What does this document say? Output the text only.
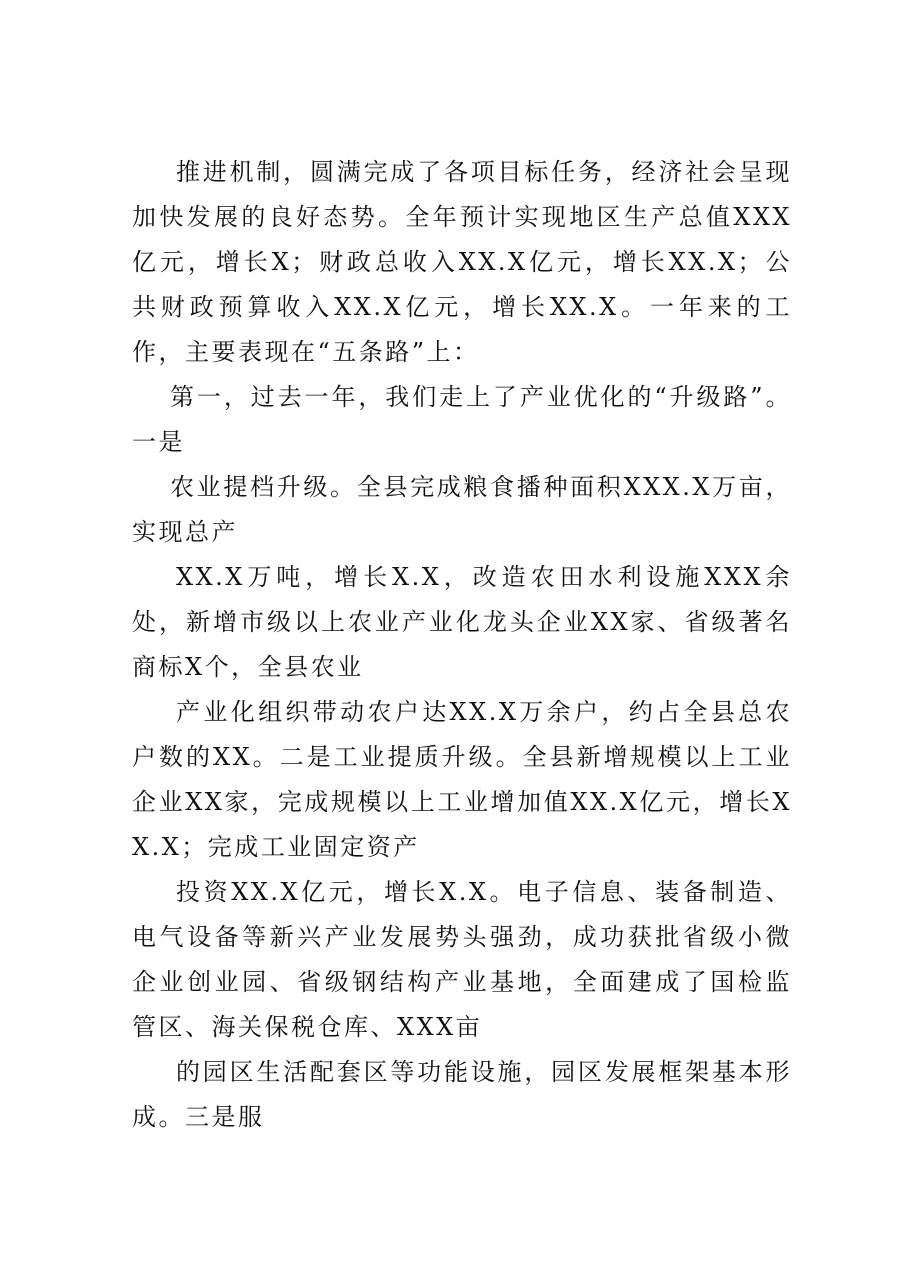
推进机制，圆满完成了各项目标任务，经济社会呈现加快发展的良好态势。全年预计实现地区生产总值XXX亿元，增长X；财政总收入XX.X亿元，增长XX.X；公共财政预算收入XX.X亿元，增长XX.X。一年来的工作，主要表现在“五条路”上：

第一，过去一年，我们走上了产业优化的“升级路”。一是

农业提档升级。全县完成粮食播种面积XXX.X万亩，实现总产

XX.X万吨，增长X.X，改造农田水利设施XXX余处，新增市级以上农业产业化龙头企业XX家、省级著名商标X个，全县农业

产业化组织带动农户达XX.X万余户，约占全县总农户数的XX。二是工业提质升级。全县新增规模以上工业企业XX家，完成规模以上工业增加值XX.X亿元，增长XX.X；完成工业固定资产

投资XX.X亿元，增长X.X。电子信息、装备制造、电气设备等新兴产业发展势头强劲，成功获批省级小微企业创业园、省级钢结构产业基地，全面建成了国检监管区、海关保税仓库、XXX亩

的园区生活配套区等功能设施，园区发展框架基本形成。三是服
